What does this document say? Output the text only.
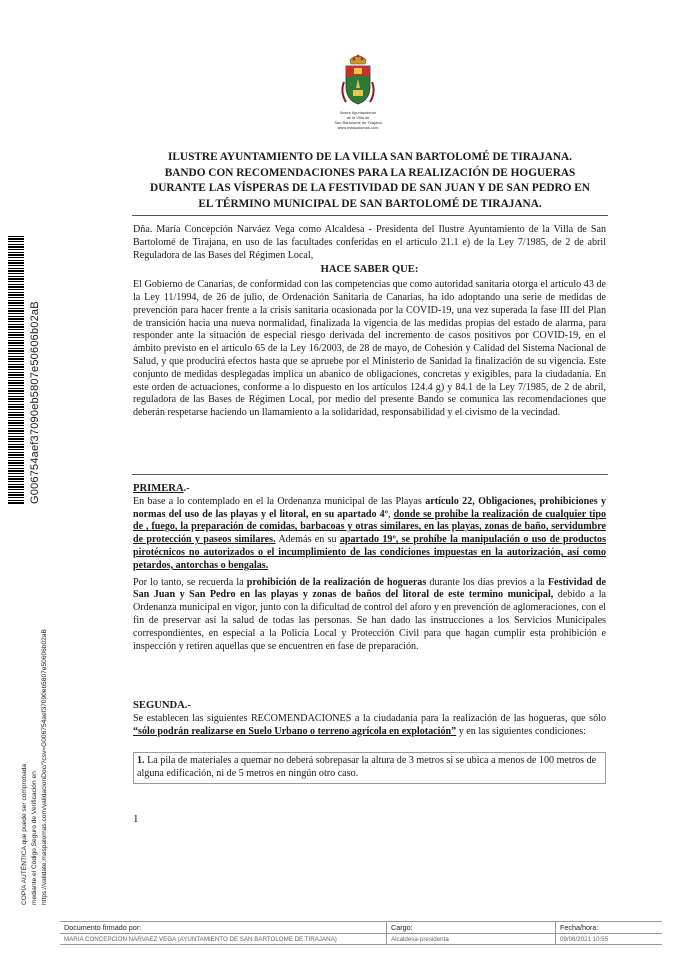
Ilustre Ayuntamiento
de la Villa de
San Bartolomé de Tirajana
www.maspalomas.com
G006754aef37090eb5807e50606b02aB
COPIA AUTÉNTICA que puede ser comprobada mediante el Código Seguro de Verificación en https://validate.maspalomas.com/validacionDoc/?csv=G006754aef37090eb5807e50606b02aB
ILUSTRE AYUNTAMIENTO DE LA VILLA SAN BARTOLOMÉ DE TIRAJANA.
BANDO CON RECOMENDACIONES PARA LA REALIZACIÓN DE HOGUERAS
DURANTE LAS VÍSPERAS DE LA FESTIVIDAD DE SAN JUAN Y DE SAN PEDRO EN
EL TÉRMINO MUNICIPAL DE SAN BARTOLOMÉ DE TIRAJANA.

Dña. María Concepción Narváez Vega como Alcaldesa - Presidenta del Ilustre Ayuntamiento de la Villa de San Bartolomé de Tirajana, en uso de las facultades conferidas en el artículo 21.1 e) de la Ley 7/1985, de 2 de abril Reguladora de las Bases del Régimen Local,

HACE SABER QUE:

El Gobierno de Canarias, de conformidad con las competencias que como autoridad sanitaria otorga el artículo 43 de la Ley 11/1994, de 26 de julio, de Ordenación Sanitaria de Canarias, ha ido adoptando una serie de medidas de prevención para hacer frente a la crisis sanitaria ocasionada por la COVID-19, una vez superada la fase III del Plan de transición hacia una nueva normalidad, finalizada la vigencia de las medidas propias del estado de alarma, para responder ante la situación de especial riesgo derivada del incremento de casos positivos por COVID-19, en el ámbito previsto en el artículo 65 de la Ley 16/2003, de 28 de mayo, de Cohesión y Calidad del Sistema Nacional de Salud, y que producirá efectos hasta que se apruebe por el Ministerio de Sanidad la finalización de su vigencia. Este conjunto de medidas desplegadas implica un abanico de obligaciones, concretas y exigibles, para la ciudadanía. En este orden de actuaciones, conforme a lo dispuesto en los artículos 124.4 g) y 84.1 de la Ley 7/1985, de 2 de abril, reguladora de las Bases de Régimen Local, por medio del presente Bando se comunica las recomendaciones que deberán respetarse haciendo un llamamiento a la solidaridad, responsabilidad y el civismo de la vecindad.

PRIMERA.-

En base a lo contemplado en el la Ordenanza municipal de las Playas artículo 22, Obligaciones, prohibiciones y normas del uso de las playas y el litoral, en su apartado 4º, donde se prohíbe la realización de cualquier tipo de , fuego, la preparación de comidas, barbacoas y otras similares, en las playas, zonas de baño, servidumbre de protección y paseos similares. Además en su apartado 19º, se prohíbe la manipulación o uso de productos pirotécnicos no autorizados o el incumplimiento de las condiciones impuestas en la autorización, así como petardos, antorchas o bengalas.

Por lo tanto, se recuerda la prohibición de la realización de hogueras durante los días previos a la Festividad de San Juan y San Pedro en las playas y zonas de baños del litoral de este termino municipal, debido a la Ordenanza municipal en vigor, junto con la dificultad de control del aforo y en prevención de aglomeraciones, con el fin de preservar así la salud de todas las personas. Se han dado las instrucciones a los Servicios Municipales correspondientes, en especial a la Policía Local y Protección Civil para que hagan cumplir esta prohibición e inspección y retiren aquellas que se encuentren en fase de preparación.

SEGUNDA.-

Se establecen las siguientes RECOMENDACIONES a la ciudadanía para la realización de las hogueras, que sólo “sólo podrán realizarse en Suelo Urbano o terreno agrícola en explotación” y en las siguientes condiciones:

1. La pila de materiales a quemar no deberá sobrepasar la altura de 3 metros si se ubica a menos de 100 metros de alguna edificación, ni de 5 metros en ningún otro caso.
1
Documento firmado por:	Cargo:	Fecha/hora:
MARIA CONCEPCION NARVAEZ VEGA (AYUNTAMIENTO DE SAN BARTOLOME DE TIRAJANA)	Alcaldesa-presidenta	09/06/2021 10:55
